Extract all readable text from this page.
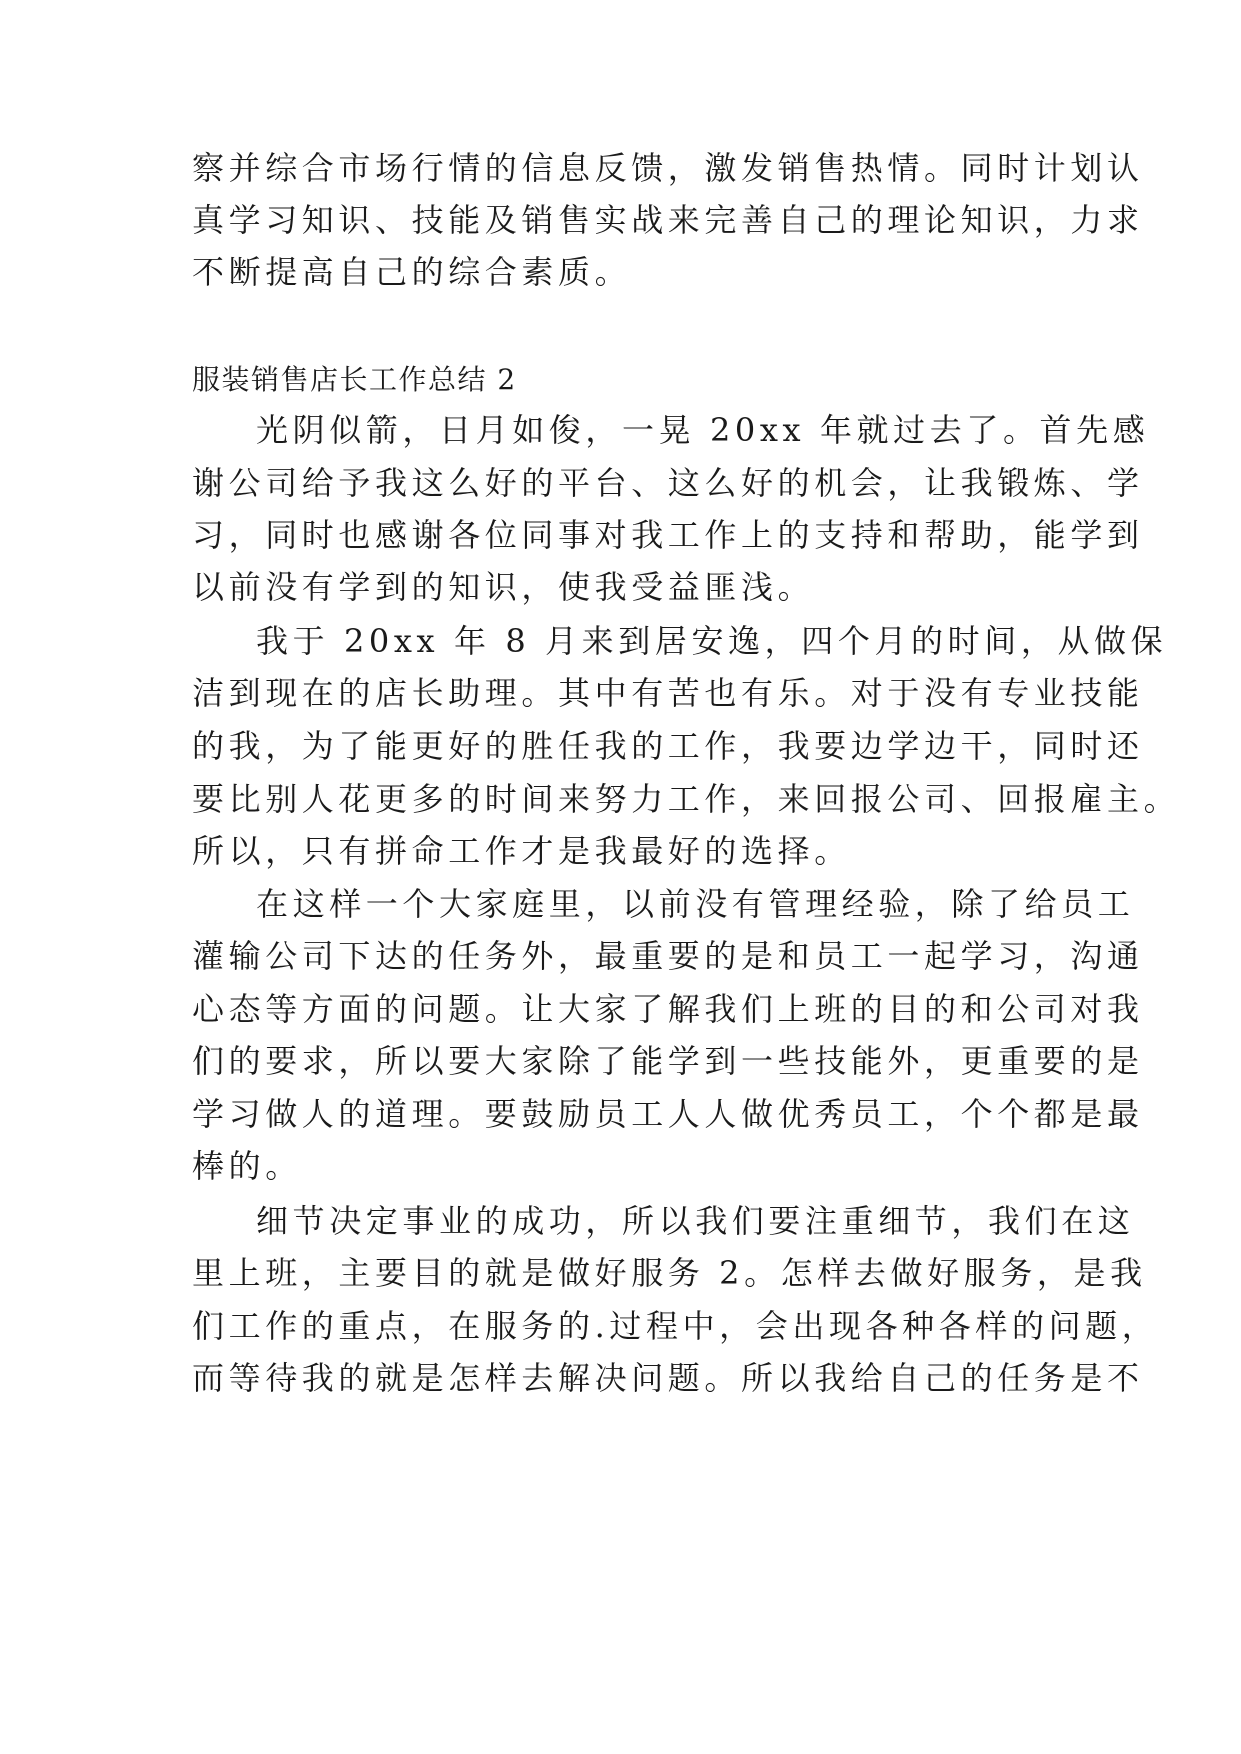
察并综合市场行情的信息反馈，激发销售热情。同时计划认
真学习知识、技能及销售实战来完善自己的理论知识，力求
不断提高自己的综合素质。
服装销售店长工作总结 2
光阴似箭，日月如俊，一晃 20xx 年就过去了。首先感
谢公司给予我这么好的平台、这么好的机会，让我锻炼、学
习，同时也感谢各位同事对我工作上的支持和帮助，能学到
以前没有学到的知识，使我受益匪浅。
我于 20xx 年 8 月来到居安逸，四个月的时间，从做保
洁到现在的店长助理。其中有苦也有乐。对于没有专业技能
的我，为了能更好的胜任我的工作，我要边学边干，同时还
要比别人花更多的时间来努力工作，来回报公司、回报雇主。
所以，只有拼命工作才是我最好的选择。
在这样一个大家庭里，以前没有管理经验，除了给员工
灌输公司下达的任务外，最重要的是和员工一起学习，沟通
心态等方面的问题。让大家了解我们上班的目的和公司对我
们的要求，所以要大家除了能学到一些技能外，更重要的是
学习做人的道理。要鼓励员工人人做优秀员工，个个都是最
棒的。
细节决定事业的成功，所以我们要注重细节，我们在这
里上班，主要目的就是做好服务 2。怎样去做好服务，是我
们工作的重点，在服务的.过程中，会出现各种各样的问题，
而等待我的就是怎样去解决问题。所以我给自己的任务是不
